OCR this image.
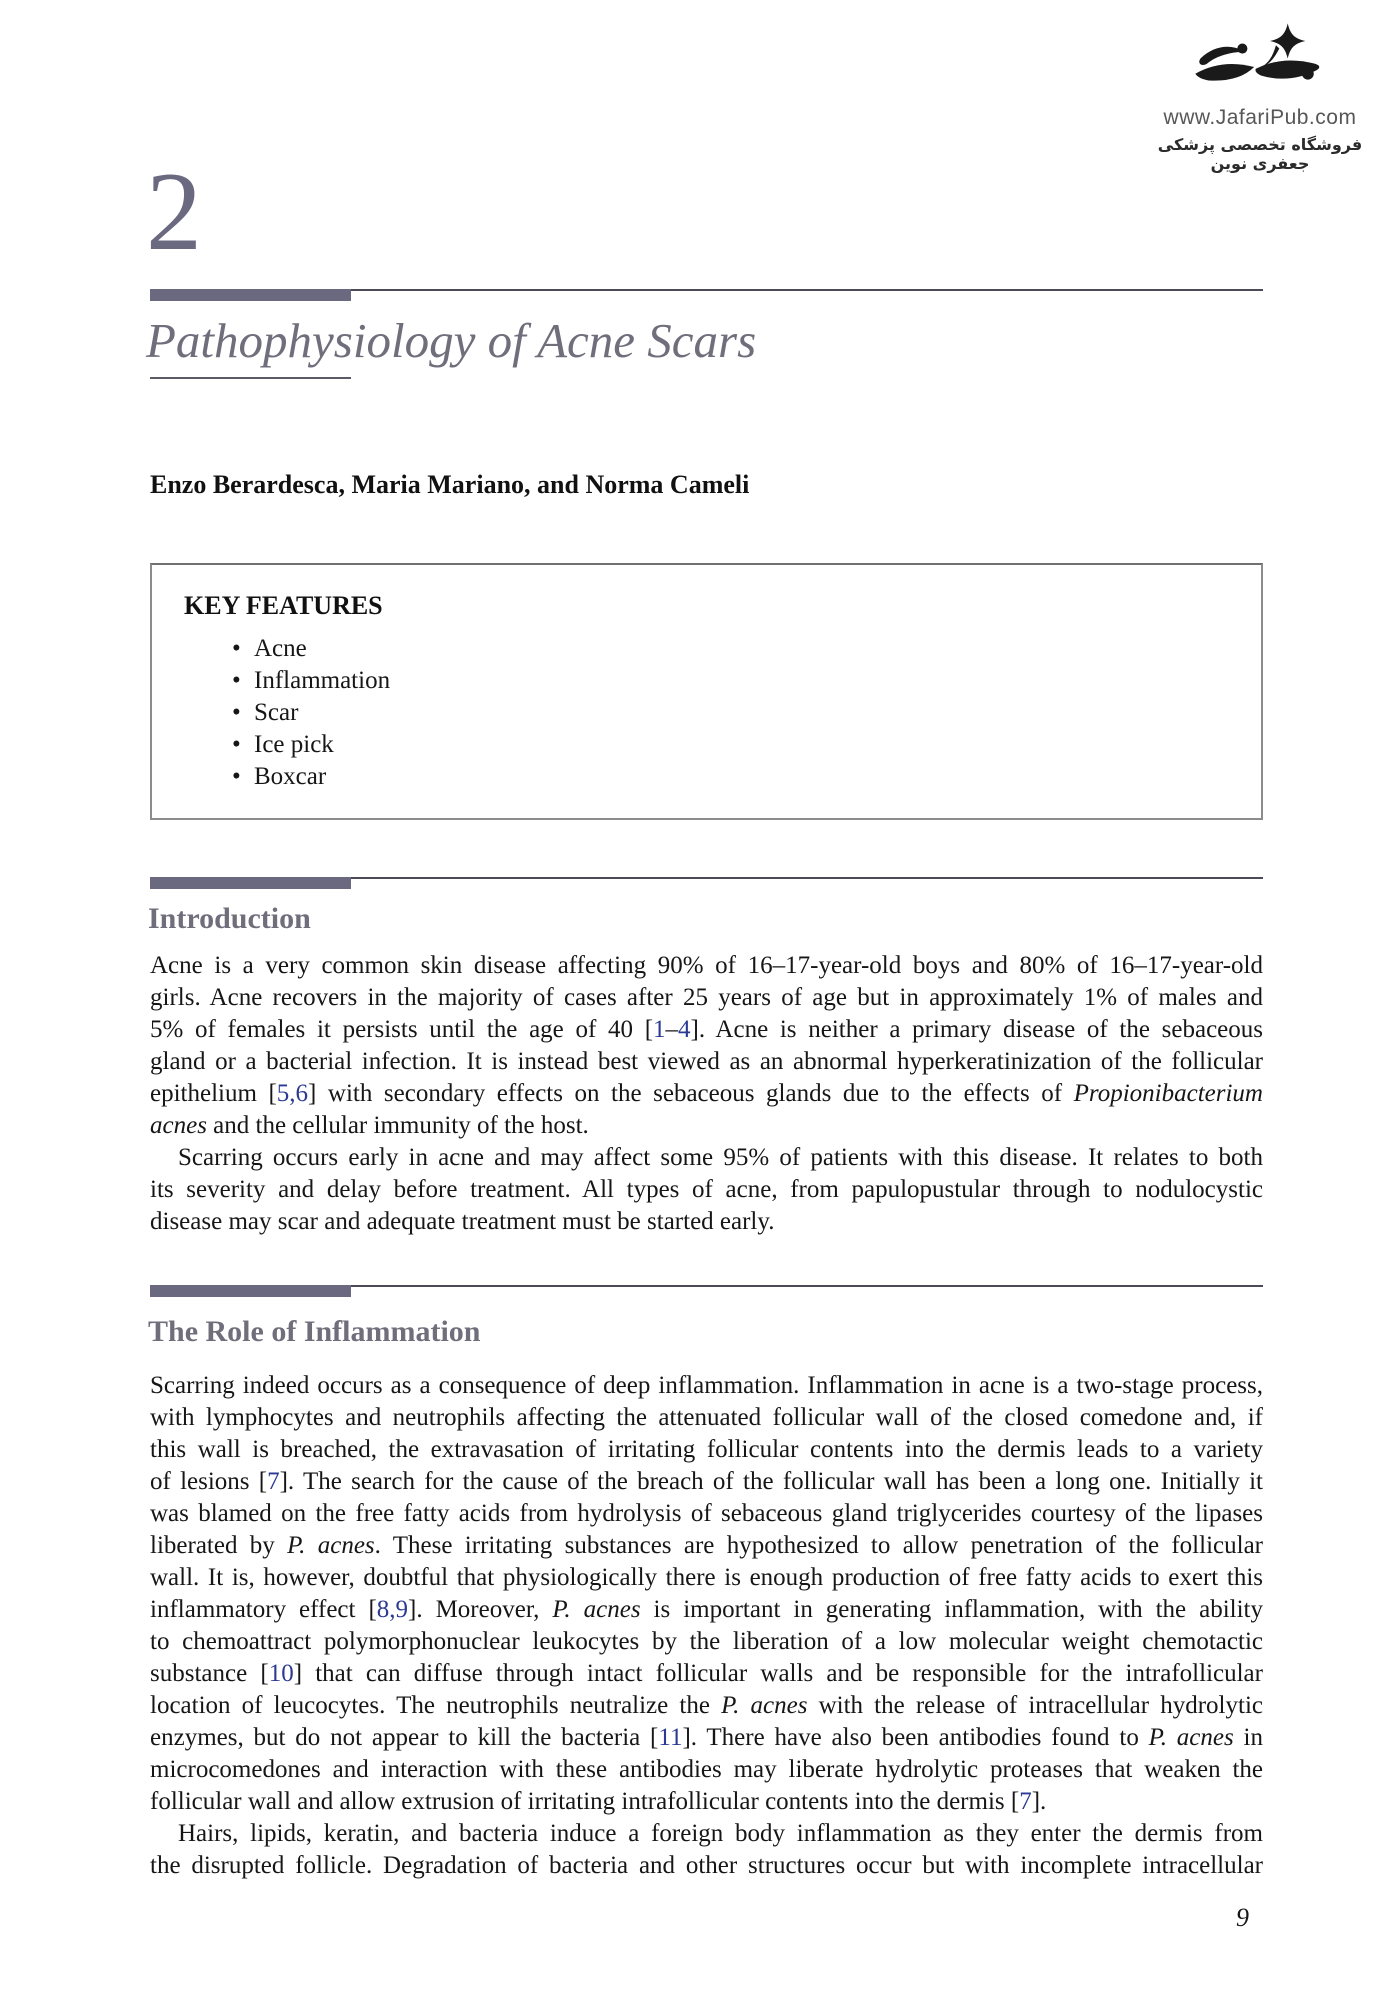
www.JafariPub.com
فروشگاه تخصصی پزشکی جعفری نوین
2
Pathophysiology of Acne Scars
Enzo Berardesca, Maria Mariano, and Norma Cameli
KEY FEATURES
• Acne
• Inflammation
• Scar
• Ice pick
• Boxcar
Introduction
Acne is a very common skin disease affecting 90% of 16–17-year-old boys and 80% of 16–17-year-old
girls. Acne recovers in the majority of cases after 25 years of age but in approximately 1% of males and
5% of females it persists until the age of 40 [1–4]. Acne is neither a primary disease of the sebaceous
gland or a bacterial infection. It is instead best viewed as an abnormal hyperkeratinization of the follicular
epithelium [5,6] with secondary effects on the sebaceous glands due to the effects of Propionibacterium
acnes and the cellular immunity of the host.
Scarring occurs early in acne and may affect some 95% of patients with this disease. It relates to both
its severity and delay before treatment. All types of acne, from papulopustular through to nodulocystic
disease may scar and adequate treatment must be started early.
The Role of Inflammation
Scarring indeed occurs as a consequence of deep inflammation. Inflammation in acne is a two-stage process,
with lymphocytes and neutrophils affecting the attenuated follicular wall of the closed comedone and, if
this wall is breached, the extravasation of irritating follicular contents into the dermis leads to a variety
of lesions [7]. The search for the cause of the breach of the follicular wall has been a long one. Initially it
was blamed on the free fatty acids from hydrolysis of sebaceous gland triglycerides courtesy of the lipases
liberated by P. acnes. These irritating substances are hypothesized to allow penetration of the follicular
wall. It is, however, doubtful that physiologically there is enough production of free fatty acids to exert this
inflammatory effect [8,9]. Moreover, P. acnes is important in generating inflammation, with the ability
to chemoattract polymorphonuclear leukocytes by the liberation of a low molecular weight chemotactic
substance [10] that can diffuse through intact follicular walls and be responsible for the intrafollicular
location of leucocytes. The neutrophils neutralize the P. acnes with the release of intracellular hydrolytic
enzymes, but do not appear to kill the bacteria [11]. There have also been antibodies found to P. acnes in
microcomedones and interaction with these antibodies may liberate hydrolytic proteases that weaken the
follicular wall and allow extrusion of irritating intrafollicular contents into the dermis [7].
Hairs, lipids, keratin, and bacteria induce a foreign body inflammation as they enter the dermis from
the disrupted follicle. Degradation of bacteria and other structures occur but with incomplete intracellular
9
